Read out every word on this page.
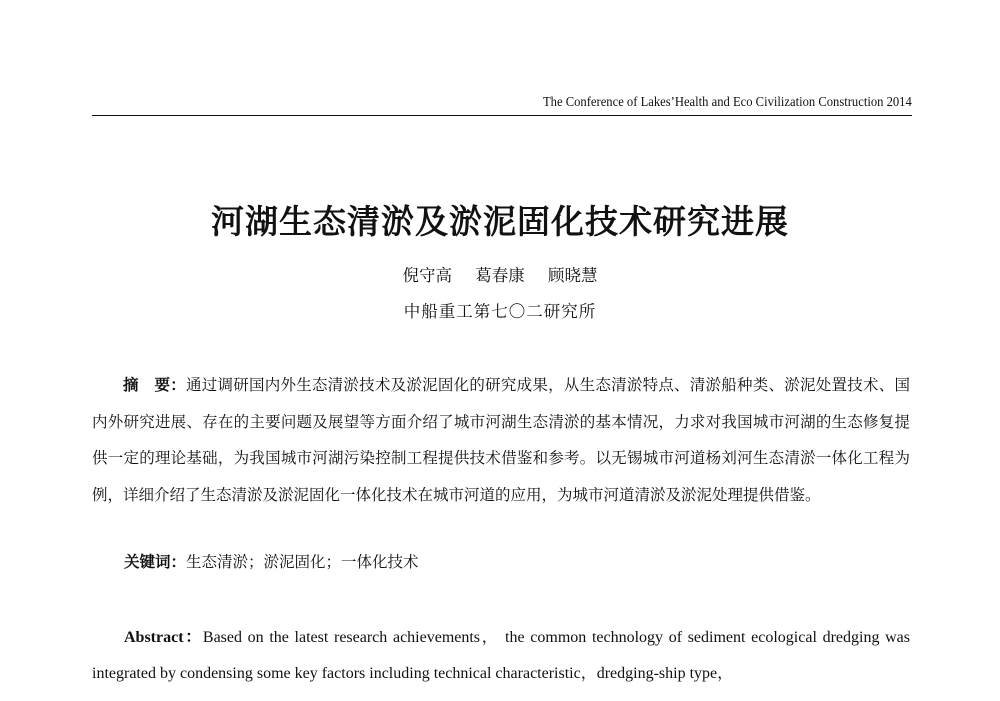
The Conference of Lakes’Health and Eco Civilization Construction 2014
河湖生态清淤及淤泥固化技术研究进展
倪守高 葛春康 顾晓慧
中船重工第七〇二研究所
摘　要：通过调研国内外生态清淤技术及淤泥固化的研究成果，从生态清淤特点、清淤船种类、淤泥处置技术、国内外研究进展、存在的主要问题及展望等方面介绍了城市河湖生态清淤的基本情况，力求对我国城市河湖的生态修复提供一定的理论基础，为我国城市河湖污染控制工程提供技术借鉴和参考。以无锡城市河道杨刘河生态清淤一体化工程为例，详细介绍了生态清淤及淤泥固化一体化技术在城市河道的应用，为城市河道清淤及淤泥处理提供借鉴。
关键词：生态清淤；淤泥固化；一体化技术
Abstract：Based on the latest research achievements， the common technology of sediment ecological dredging was integrated by condensing some key factors including technical characteristic，dredging-ship type，
